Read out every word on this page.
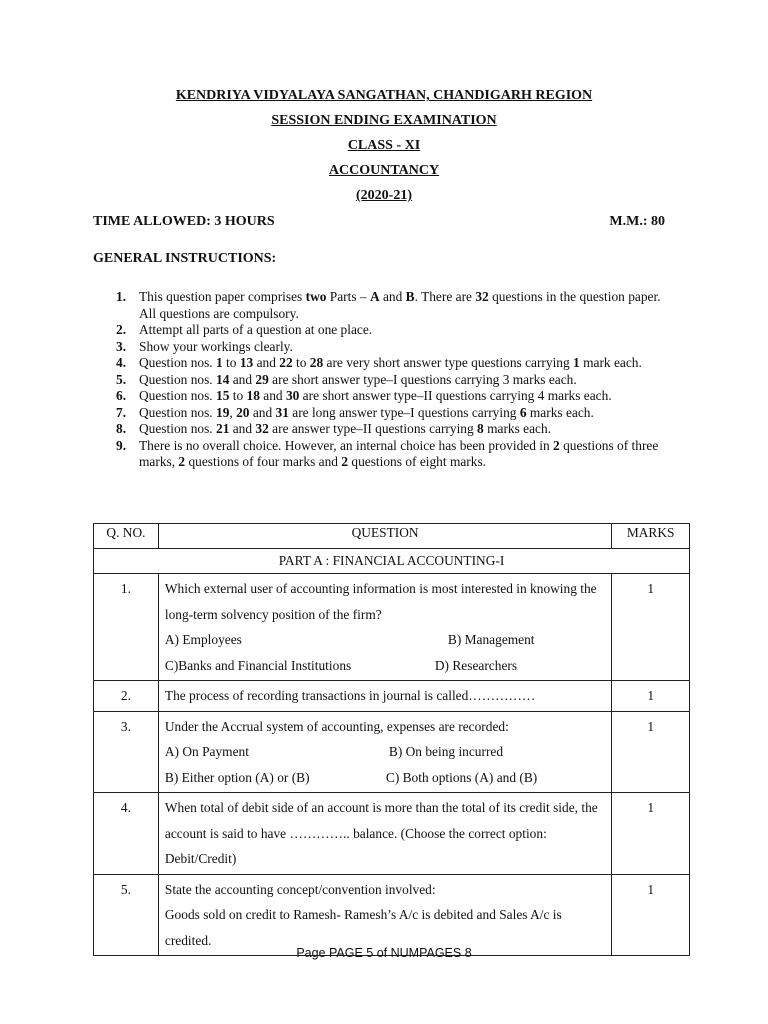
KENDRIYA VIDYALAYA SANGATHAN, CHANDIGARH REGION
SESSION ENDING EXAMINATION
CLASS - XI
ACCOUNTANCY
(2020-21)
TIME ALLOWED: 3 HOURS	M.M.: 80
GENERAL INSTRUCTIONS:
1. This question paper comprises two Parts – A and B. There are 32 questions in the question paper. All questions are compulsory.
2. Attempt all parts of a question at one place.
3. Show your workings clearly.
4. Question nos. 1 to 13 and 22 to 28 are very short answer type questions carrying 1 mark each.
5. Question nos. 14 and 29 are short answer type–I questions carrying 3 marks each.
6. Question nos. 15 to 18 and 30 are short answer type–II questions carrying 4 marks each.
7. Question nos. 19, 20 and 31 are long answer type–I questions carrying 6 marks each.
8. Question nos. 21 and 32 are answer type–II questions carrying 8 marks each.
9. There is no overall choice. However, an internal choice has been provided in 2 questions of three marks, 2 questions of four marks and 2 questions of eight marks.
Q. NO.	QUESTION	MARKS
PART A : FINANCIAL ACCOUNTING-I		
1.	Which external user of accounting information is most interested in knowing the long-term solvency position of the firm?
A) Employees B) Management
C)Banks and Financial Institutions D) Researchers	1
2.	The process of recording transactions in journal is called……………	1
3.	Under the Accrual system of accounting, expenses are recorded:
A) On Payment B) On being incurred
B) Either option (A) or (B) C) Both options (A) and (B)	1
4.	When total of debit side of an account is more than the total of its credit side, the account is said to have ………….. balance. (Choose the correct option: Debit/Credit)	1
5.	State the accounting concept/convention involved:
Goods sold on credit to Ramesh- Ramesh’s A/c is debited and Sales A/c is credited.	1
Page PAGE 5 of NUMPAGES 8
